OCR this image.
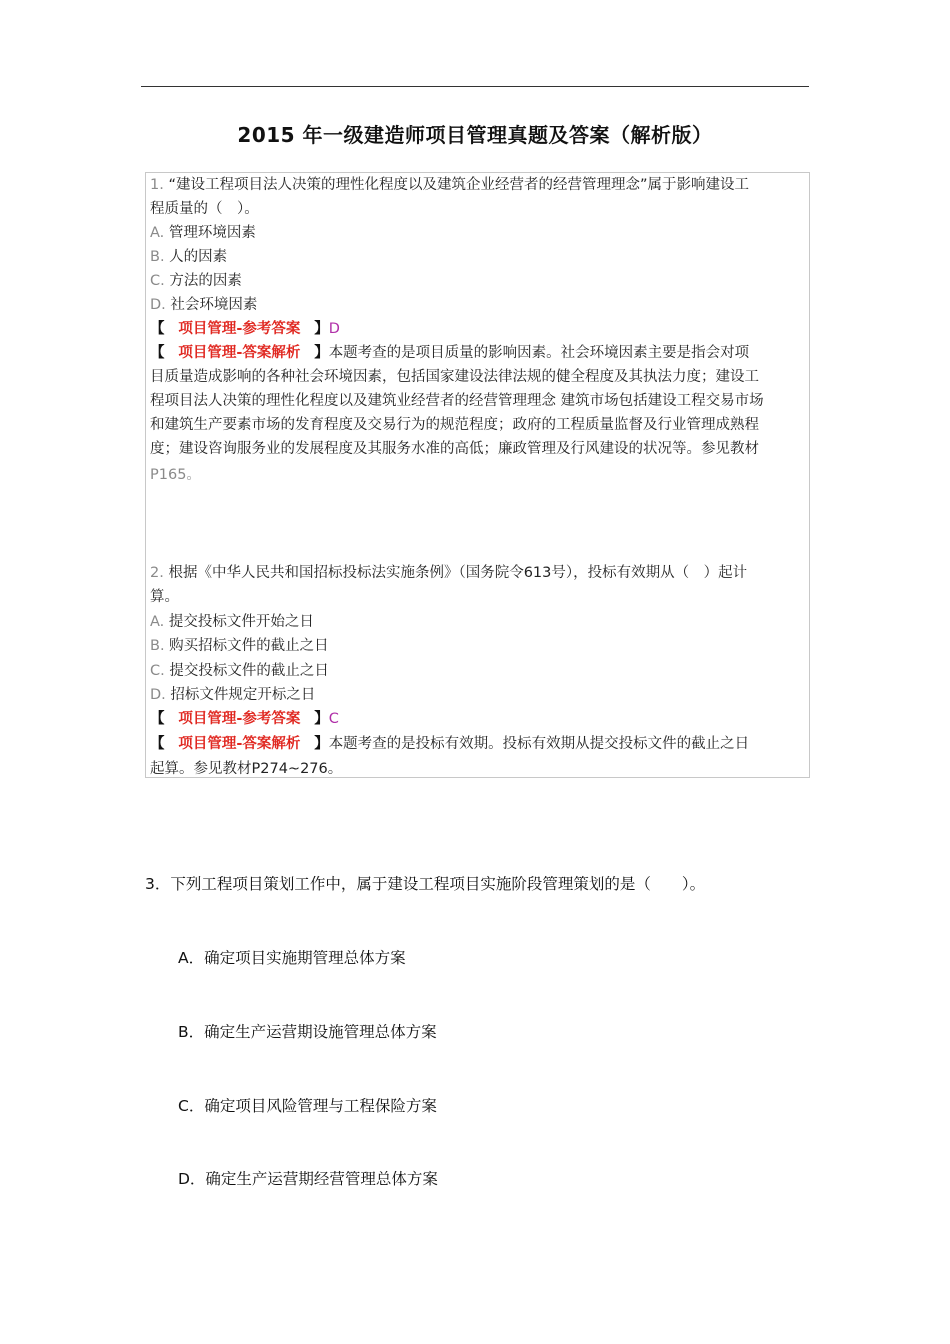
2015 年一级建造师项目管理真题及答案（解析版）
1. “建设工程项目法人决策的理性化程度以及建筑企业经营者的经营管理理念”属于影响建设工
程质量的（　）。
A. 管理环境因素
B. 人的因素
C. 方法的因素
D. 社会环境因素
【 项目管理-参考答案 】D
【 项目管理-答案解析 】本题考查的是项目质量的影响因素。社会环境因素主要是指会对项
目质量造成影响的各种社会环境因素，包括国家建设法律法规的健全程度及其执法力度；建设工
程项目法人决策的理性化程度以及建筑业经营者的经营管理理念 建筑市场包括建设工程交易市场
和建筑生产要素市场的发育程度及交易行为的规范程度；政府的工程质量监督及行业管理成熟程
度；建设咨询服务业的发展程度及其服务水准的高低；廉政管理及行风建设的状况等。参见教材
P165。
2. 根据《中华人民共和国招标投标法实施条例》（国务院令613号），投标有效期从（　）起计
算。
A. 提交投标文件开始之日
B. 购买招标文件的截止之日
C. 提交投标文件的截止之日
D. 招标文件规定开标之日
【 项目管理-参考答案 】C
【 项目管理-答案解析 】本题考查的是投标有效期。投标有效期从提交投标文件的截止之日
起算。参见教材P274~276。
3．下列工程项目策划工作中，属于建设工程项目实施阶段管理策划的是（　　）。
A．确定项目实施期管理总体方案
B．确定生产运营期设施管理总体方案
C．确定项目风险管理与工程保险方案
D．确定生产运营期经营管理总体方案
